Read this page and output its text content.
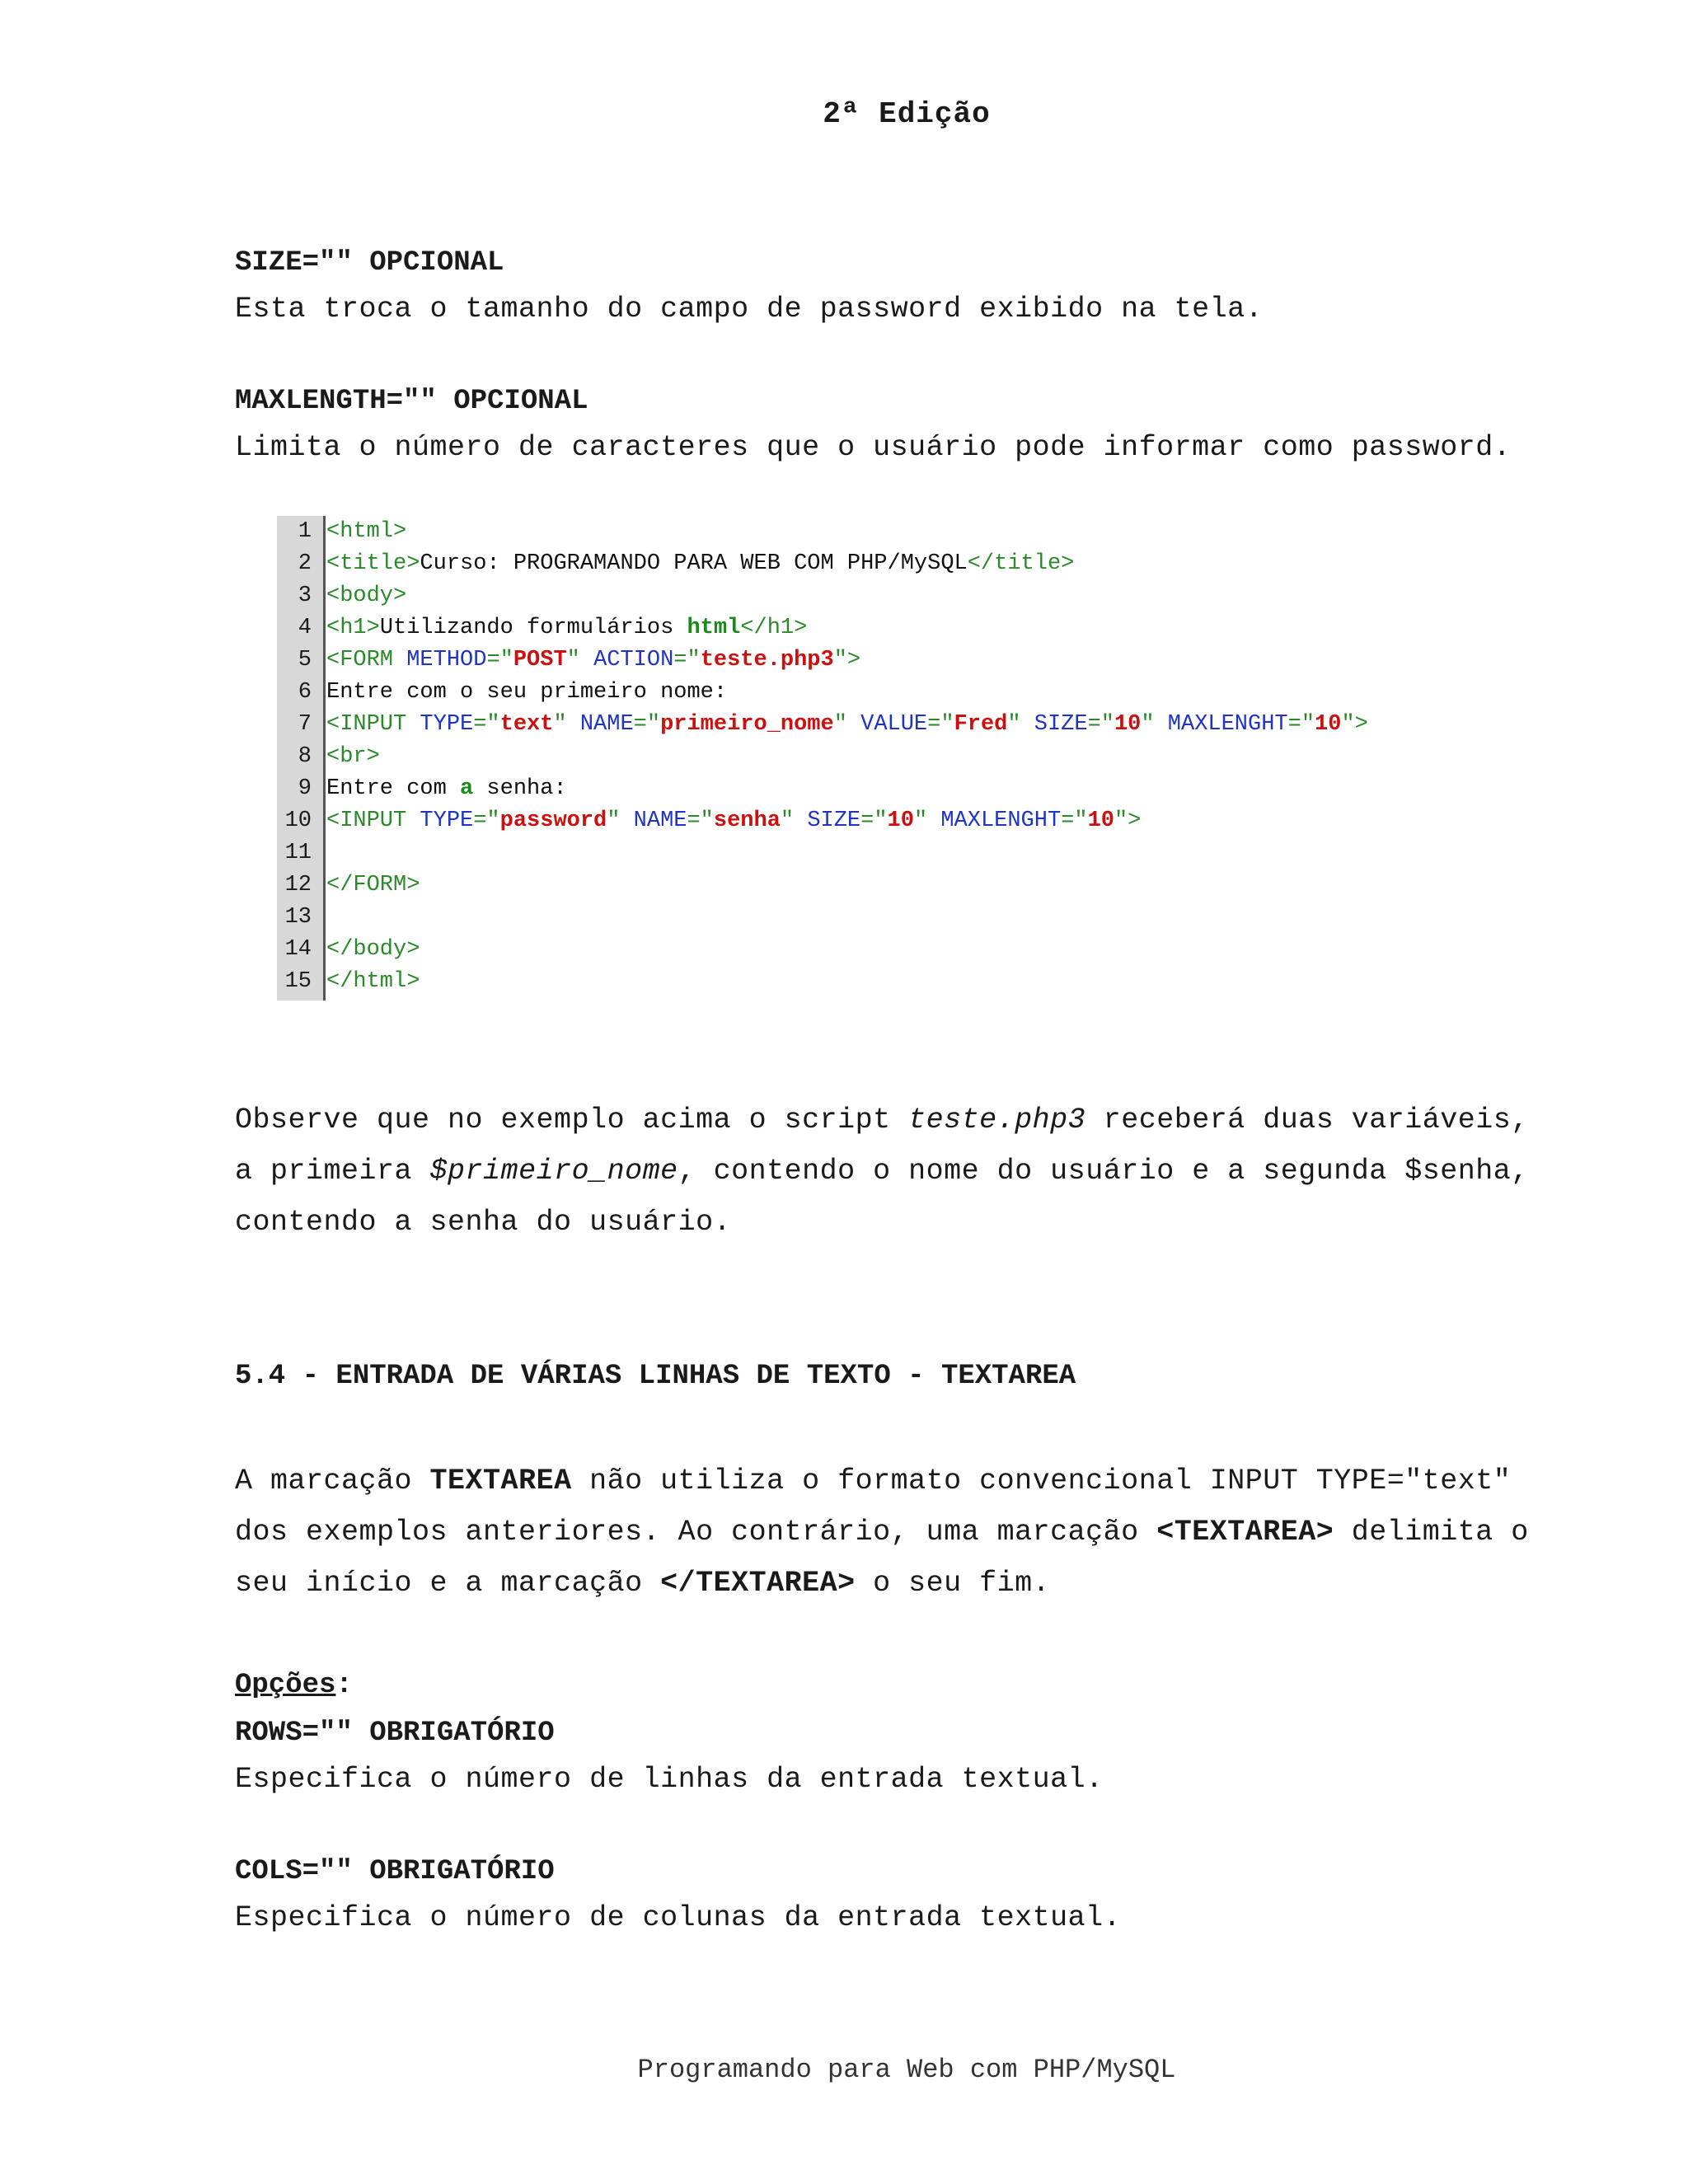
2ª Edição

SIZE="" OPCIONAL

Esta troca o tamanho do campo de password exibido na tela.

MAXLENGTH="" OPCIONAL

Limita o número de caracteres que o usuário pode informar como password.

1 <html>
2 <title>Curso: PROGRAMANDO PARA WEB COM PHP/MySQL</title>
3 <body>
4 <h1>Utilizando formulários html</h1>
5 <FORM METHOD="POST" ACTION="teste.php3">
6 Entre com o seu primeiro nome:
7 <INPUT TYPE="text" NAME="primeiro_nome" VALUE="Fred" SIZE="10" MAXLENGHT="10">
8 <br>
9 Entre com a senha:
10 <INPUT TYPE="password" NAME="senha" SIZE="10" MAXLENGHT="10">
11
12 </FORM>
13
14 </body>
15 </html>

Observe que no exemplo acima o script teste.php3 receberá duas variáveis,

a primeira $primeiro_nome, contendo o nome do usuário e a segunda $senha,

contendo a senha do usuário.

5.4 - ENTRADA DE VÁRIAS LINHAS DE TEXTO - TEXTAREA

A marcação TEXTAREA não utiliza o formato convencional INPUT TYPE="text"

dos exemplos anteriores. Ao contrário, uma marcação <TEXTAREA> delimita o

seu início e a marcação </TEXTAREA> o seu fim.

Opções:

ROWS="" OBRIGATÓRIO

Especifica o número de linhas da entrada textual.

COLS="" OBRIGATÓRIO

Especifica o número de colunas da entrada textual.

Programando para Web com PHP/MySQL
